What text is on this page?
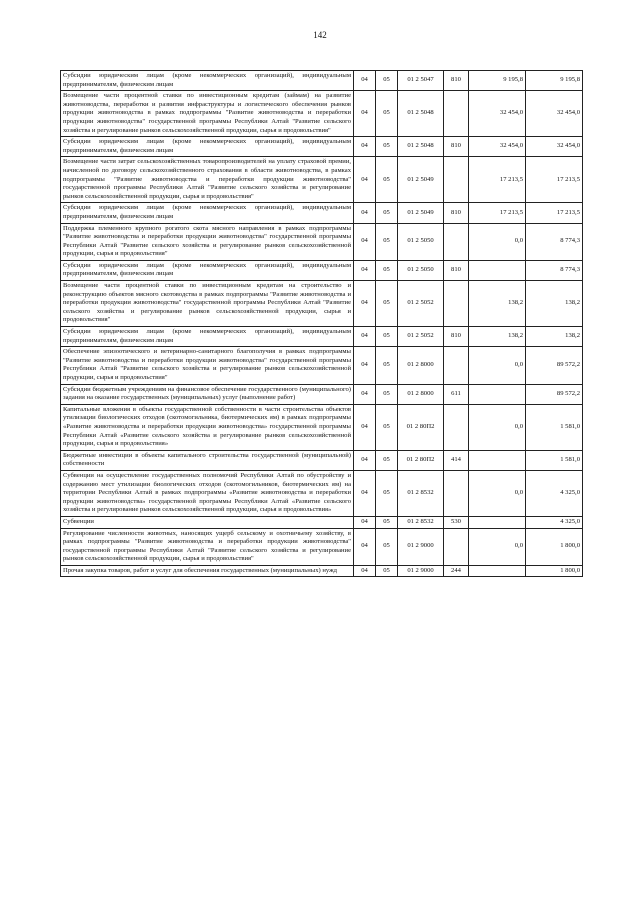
142
Субсидии юридическим лицам (кроме некоммерческих организаций), индивидуальным предпринимателям, физическим лицам	04	05	01 2 5047	810	9 195,8	9 195,8
Возмещение части процентной ставки по инвестиционным кредитам (займам) на развитие животноводства, переработки и развития инфраструктуры и логистического обеспечения рынков продукции животноводства в рамках подпрограммы "Развитие животноводства и переработки продукции животноводства" государственной программы Республики Алтай "Развитие сельского хозяйства и регулирование рынков сельскохозяйственной продукции, сырья и продовольствия"	04	05	01 2 5048		32 454,0	32 454,0
Субсидии юридическим лицам (кроме некоммерческих организаций), индивидуальным предпринимателям, физическим лицам	04	05	01 2 5048	810	32 454,0	32 454,0
Возмещение части затрат сельскохозяйственных товаропроизводителей на уплату страховой премии, начисленной по договору сельскохозяйственного страхования в области животноводства, в рамках подпрограммы "Развитие животноводства и переработки продукции животноводства" государственной программы Республики Алтай "Развитие сельского хозяйства и регулирование рынков сельскохозяйственной продукции, сырья и продовольствия"	04	05	01 2 5049		17 213,5	17 213,5
Субсидии юридическим лицам (кроме некоммерческих организаций), индивидуальным предпринимателям, физическим лицам	04	05	01 2 5049	810	17 213,5	17 213,5
Поддержка племенного крупного рогатого скота мясного направления в рамках подпрограммы "Развитие животноводства и переработки продукции животноводства" государственной программы Республики Алтай "Развитие сельского хозяйства и регулирование рынков сельскохозяйственной продукции, сырья и продовольствия"	04	05	01 2 5050		0,0	8 774,3
Субсидии юридическим лицам (кроме некоммерческих организаций), индивидуальным предпринимателям, физическим лицам	04	05	01 2 5050	810		8 774,3
Возмещение части процентной ставки по инвестиционным кредитам на строительство и реконструкцию объектов мясного скотоводства в рамках подпрограммы "Развитие животноводства и переработки продукции животноводства" государственной программы Республики Алтай "Развитие сельского хозяйства и регулирование рынков сельскохозяйственной продукции, сырья и продовольствия"	04	05	01 2 5052		138,2	138,2
Субсидии юридическим лицам (кроме некоммерческих организаций), индивидуальным предпринимателям, физическим лицам	04	05	01 2 5052	810	138,2	138,2
Обеспечение эпизоотического и ветеринарно-санитарного благополучия в рамках подпрограммы "Развитие животноводства и переработки продукции животноводства" государственной программы Республики Алтай "Развитие сельского хозяйства и регулирование рынков сельскохозяйственной продукции, сырья и продовольствия"	04	05	01 2 8000		0,0	89 572,2
Субсидии бюджетным учреждениям на финансовое обеспечение государственного (муниципального) задания на оказание государственных (муниципальных) услуг (выполнение работ)	04	05	01 2 8000	611		89 572,2
Капитальные вложения в объекты государственной собственности в части строительства объектов утилизации биологических отходов (скотомогильника, биотермических ям) в рамках подпрограммы «Развитие животноводства и переработки продукции животноводства» государственной программы Республики Алтай «Развитие сельского хозяйства и регулирование рынков сельскохозяйственной продукции, сырья и продовольствия»	04	05	01 2 80П2		0,0	1 581,0
Бюджетные инвестиции в объекты капитального строительства государственной (муниципальной) собственности	04	05	01 2 80П2	414		1 581,0
Субвенции на осуществление государственных полномочий Республики Алтай по обустройству и содержанию мест утилизации биологических отходов (скотомогильников, биотермических ям) на территории Республики Алтай в рамках подпрограммы «Развитие животноводства и переработки продукции животноводства» государственной программы Республики Алтай «Развитие сельского хозяйства и регулирование рынков сельскохозяйственной продукции, сырья и продовольствия»	04	05	01 2 8532		0,0	4 325,0
Субвенции	04	05	01 2 8532	530		4 325,0
Регулирование численности животных, наносящих ущерб сельскому и охотничьему хозяйству, в рамках подпрограммы "Развитие животноводства и переработки продукции животноводства" государственной программы Республики Алтай "Развитие сельского хозяйства и регулирование рынков сельскохозяйственной продукции, сырья и продовольствия"	04	05	01 2 9000		0,0	1 800,0
Прочая закупка товаров, работ и услуг для обеспечения государственных (муниципальных) нужд	04	05	01 2 9000	244		1 800,0
